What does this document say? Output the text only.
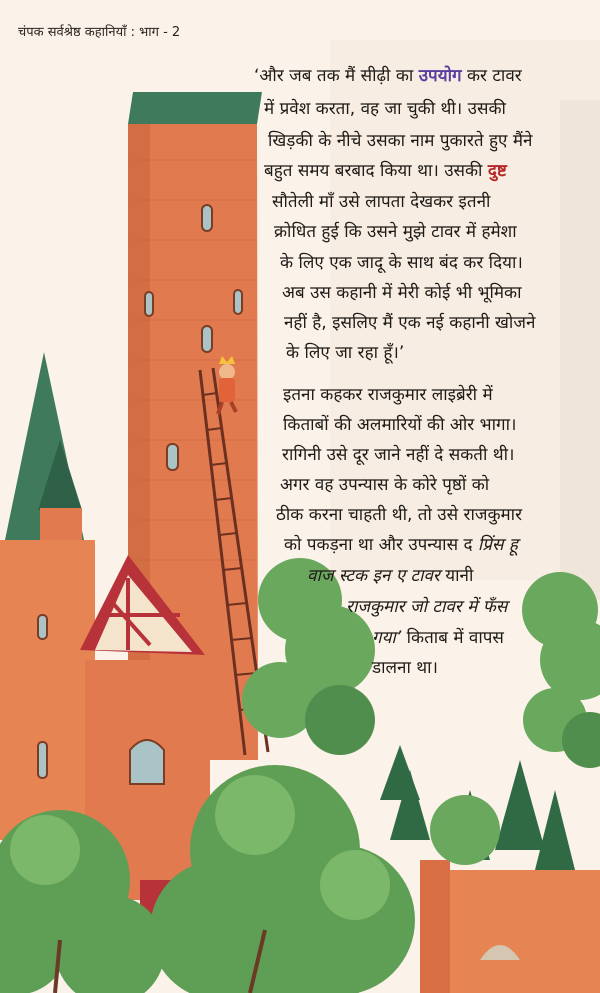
चंपक सर्वश्रेष्ठ कहानियाँ : भाग - 2
‘और जब तक मैं सीढ़ी का उपयोग कर टावर
में प्रवेश करता, वह जा चुकी थी। उसकी
खिड़की के नीचे उसका नाम पुकारते हुए मैंने
बहुत समय बरबाद किया था। उसकी दुष्ट
सौतेली माँ उसे लापता देखकर इतनी
क्रोधित हुई कि उसने मुझे टावर में हमेशा
के लिए एक जादू के साथ बंद कर दिया।
अब उस कहानी में मेरी कोई भी भूमिका
नहीं है, इसलिए मैं एक नई कहानी खोजने
के लिए जा रहा हूँ।’
इतना कहकर राजकुमार लाइब्रेरी में
किताबों की अलमारियों की ओर भागा।
रागिनी उसे दूर जाने नहीं दे सकती थी।
अगर वह उपन्यास के कोरे पृष्ठों को
ठीक करना चाहती थी, तो उसे राजकुमार
को पकड़ना था और उपन्यास द प्रिंस हू
वाज स्टक इन ए टावर यानी
राजकुमार जो टावर में फँस
गया’ किताब में वापस
डालना था।
